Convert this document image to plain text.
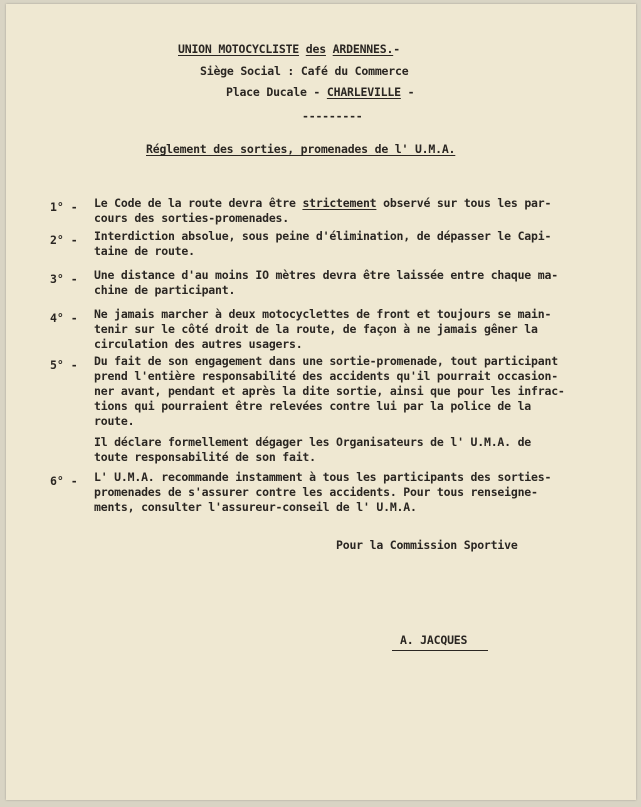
UNION MOTOCYCLISTE des ARDENNES.-
Siège Social : Café du Commerce
Place Ducale - CHARLEVILLE -
---------
Réglement des sorties, promenades de l' U.M.A.
1° - Le Code de la route devra être strictement observé sur tous les par-
cours des sorties-promenades.
2° - Interdiction absolue, sous peine d'élimination, de dépasser le Capi-
taine de route.
3° - Une distance d'au moins IO mètres devra être laissée entre chaque ma-
chine de participant.
4° - Ne jamais marcher à deux motocyclettes de front et toujours se main-
tenir sur le côté droit de la route, de façon à ne jamais gêner la
circulation des autres usagers.
5° - Du fait de son engagement dans une sortie-promenade, tout participant
prend l'entière responsabilité des accidents qu'il pourrait occasion-
ner avant, pendant et après la dite sortie, ainsi que pour les infrac-
tions qui pourraient être relevées contre lui par la police de la
route.
Il déclare formellement dégager les Organisateurs de l' U.M.A. de
toute responsabilité de son fait.
6° - L' U.M.A. recommande instamment à tous les participants des sorties-
promenades de s'assurer contre les accidents. Pour tous renseigne-
ments, consulter l'assureur-conseil de l' U.M.A.
Pour la Commission Sportive
A. JACQUES
